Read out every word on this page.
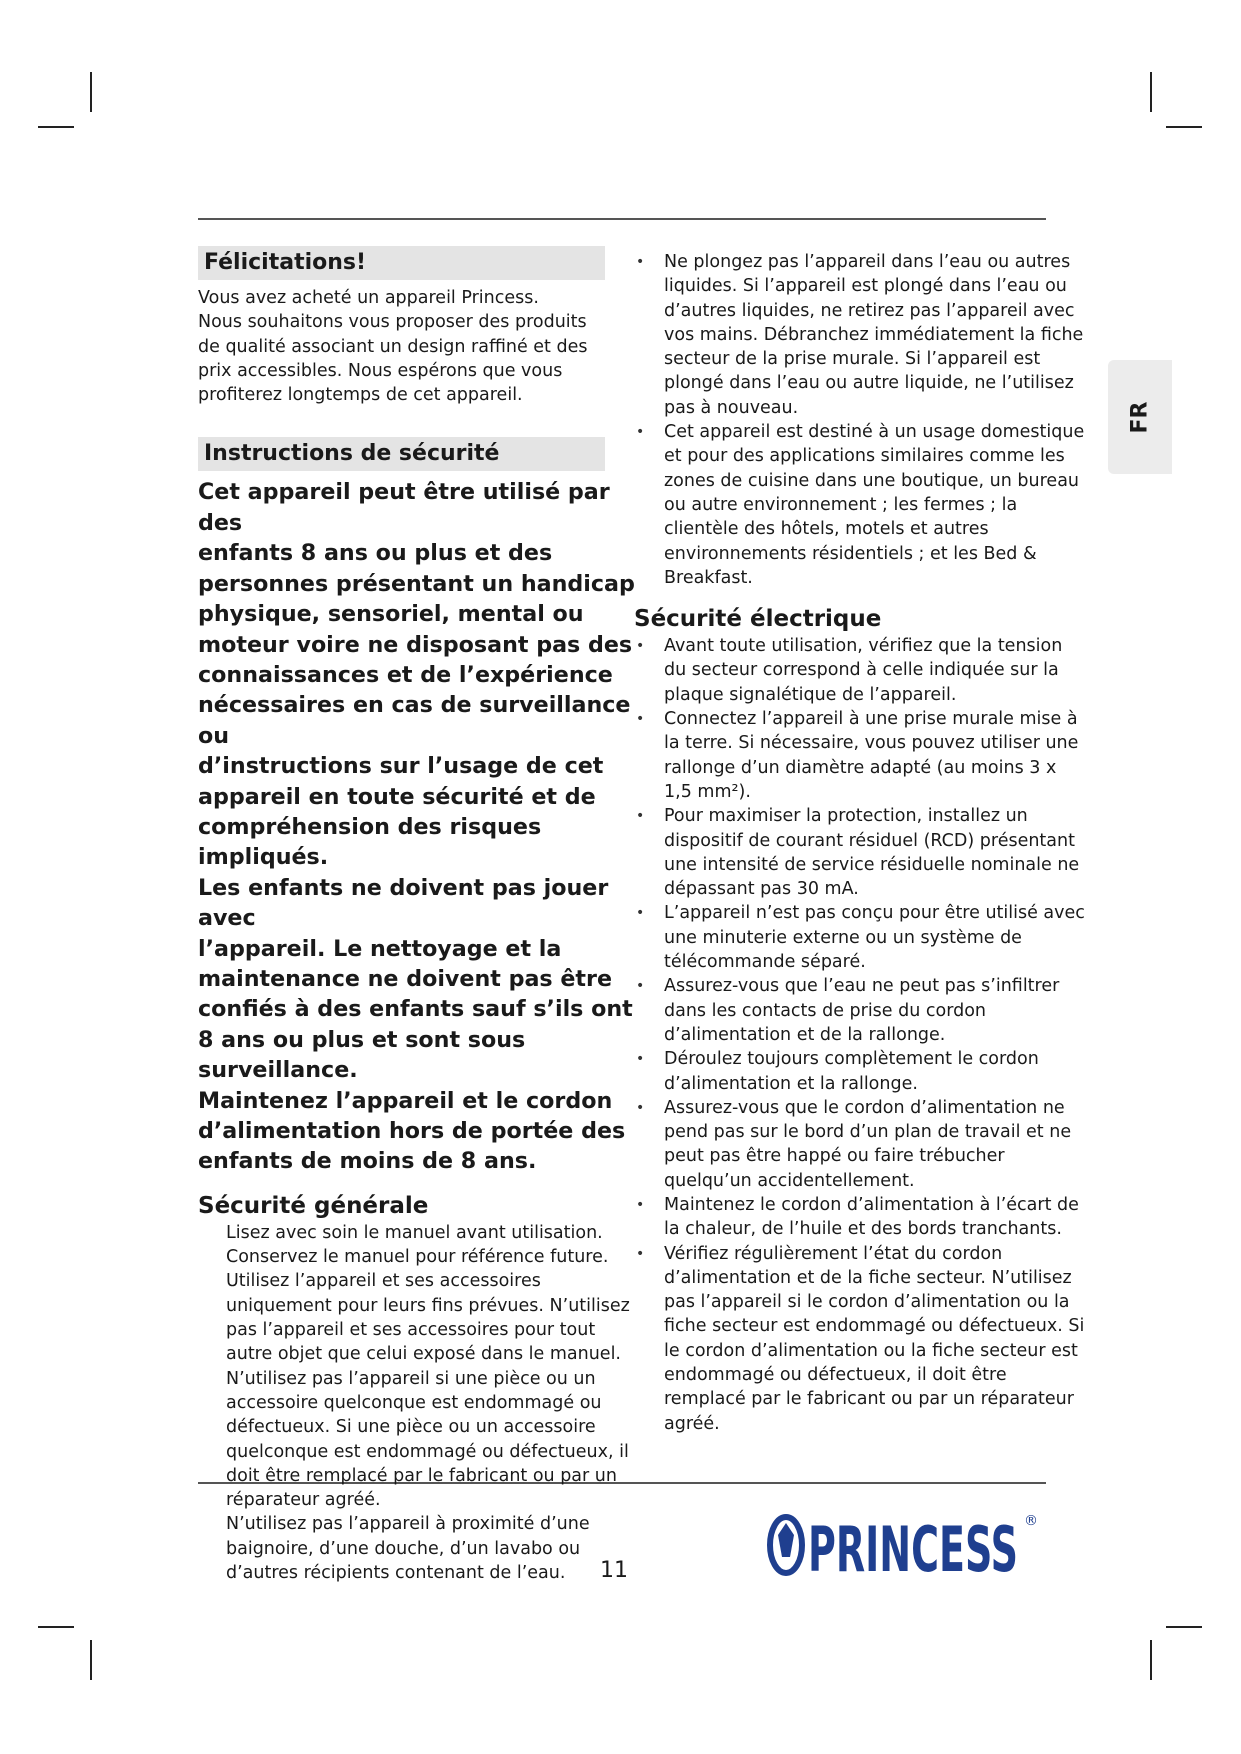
FR
Félicitations!

Vous avez acheté un appareil Princess.

Nous souhaitons vous proposer des produits

de qualité associant un design raffiné et des

prix accessibles. Nous espérons que vous

profiterez longtemps de cet appareil.

Instructions de sécurité

Cet appareil peut être utilisé par des

enfants 8 ans ou plus et des

personnes présentant un handicap

physique, sensoriel, mental ou

moteur voire ne disposant pas des

connaissances et de l’expérience

nécessaires en cas de surveillance ou

d’instructions sur l’usage de cet

appareil en toute sécurité et de

compréhension des risques impliqués.

Les enfants ne doivent pas jouer avec

l’appareil. Le nettoyage et la

maintenance ne doivent pas être

confiés à des enfants sauf s’ils ont

8 ans ou plus et sont sous surveillance.

Maintenez l’appareil et le cordon

d’alimentation hors de portée des

enfants de moins de 8 ans.

Sécurité générale
Lisez avec soin le manuel avant utilisation. Conservez le manuel pour référence future.
Utilisez l’appareil et ses accessoires uniquement pour leurs fins prévues. N’utilisez pas l’appareil et ses accessoires pour tout autre objet que celui exposé dans le manuel.
N’utilisez pas l’appareil si une pièce ou un accessoire quelconque est endommagé ou défectueux. Si une pièce ou un accessoire quelconque est endommagé ou défectueux, il doit être remplacé par le fabricant ou par un réparateur agréé.
N’utilisez pas l’appareil à proximité d’une baignoire, d’une douche, d’un lavabo ou d’autres récipients contenant de l’eau.
• Ne plongez pas l’appareil dans l’eau ou autres liquides. Si l’appareil est plongé dans l’eau ou d’autres liquides, ne retirez pas l’appareil avec vos mains. Débranchez immédiatement la fiche secteur de la prise murale. Si l’appareil est plongé dans l’eau ou autre liquide, ne l’utilisez pas à nouveau.
• Cet appareil est destiné à un usage domestique et pour des applications similaires comme les zones de cuisine dans une boutique, un bureau ou autre environnement ; les fermes ; la clientèle des hôtels, motels et autres environnements résidentiels ; et les Bed & Breakfast.
Sécurité électrique
• Avant toute utilisation, vérifiez que la tension du secteur correspond à celle indiquée sur la plaque signalétique de l’appareil.
• Connectez l’appareil à une prise murale mise à la terre. Si nécessaire, vous pouvez utiliser une rallonge d’un diamètre adapté (au moins 3 x 1,5 mm²).
• Pour maximiser la protection, installez un dispositif de courant résiduel (RCD) présentant une intensité de service résiduelle nominale ne dépassant pas 30 mA.
• L’appareil n’est pas conçu pour être utilisé avec une minuterie externe ou un système de télécommande séparé.
• Assurez-vous que l’eau ne peut pas s’infiltrer dans les contacts de prise du cordon d’alimentation et de la rallonge.
• Déroulez toujours complètement le cordon d’alimentation et la rallonge.
• Assurez-vous que le cordon d’alimentation ne pend pas sur le bord d’un plan de travail et ne peut pas être happé ou faire trébucher quelqu’un accidentellement.
• Maintenez le cordon d’alimentation à l’écart de la chaleur, de l’huile et des bords tranchants.
• Vérifiez régulièrement l’état du cordon d’alimentation et de la fiche secteur. N’utilisez pas l’appareil si le cordon d’alimentation ou la fiche secteur est endommagé ou défectueux. Si le cordon d’alimentation ou la fiche secteur est endommagé ou défectueux, il doit être remplacé par le fabricant ou par un réparateur agréé.
11	PRINCESS ®
